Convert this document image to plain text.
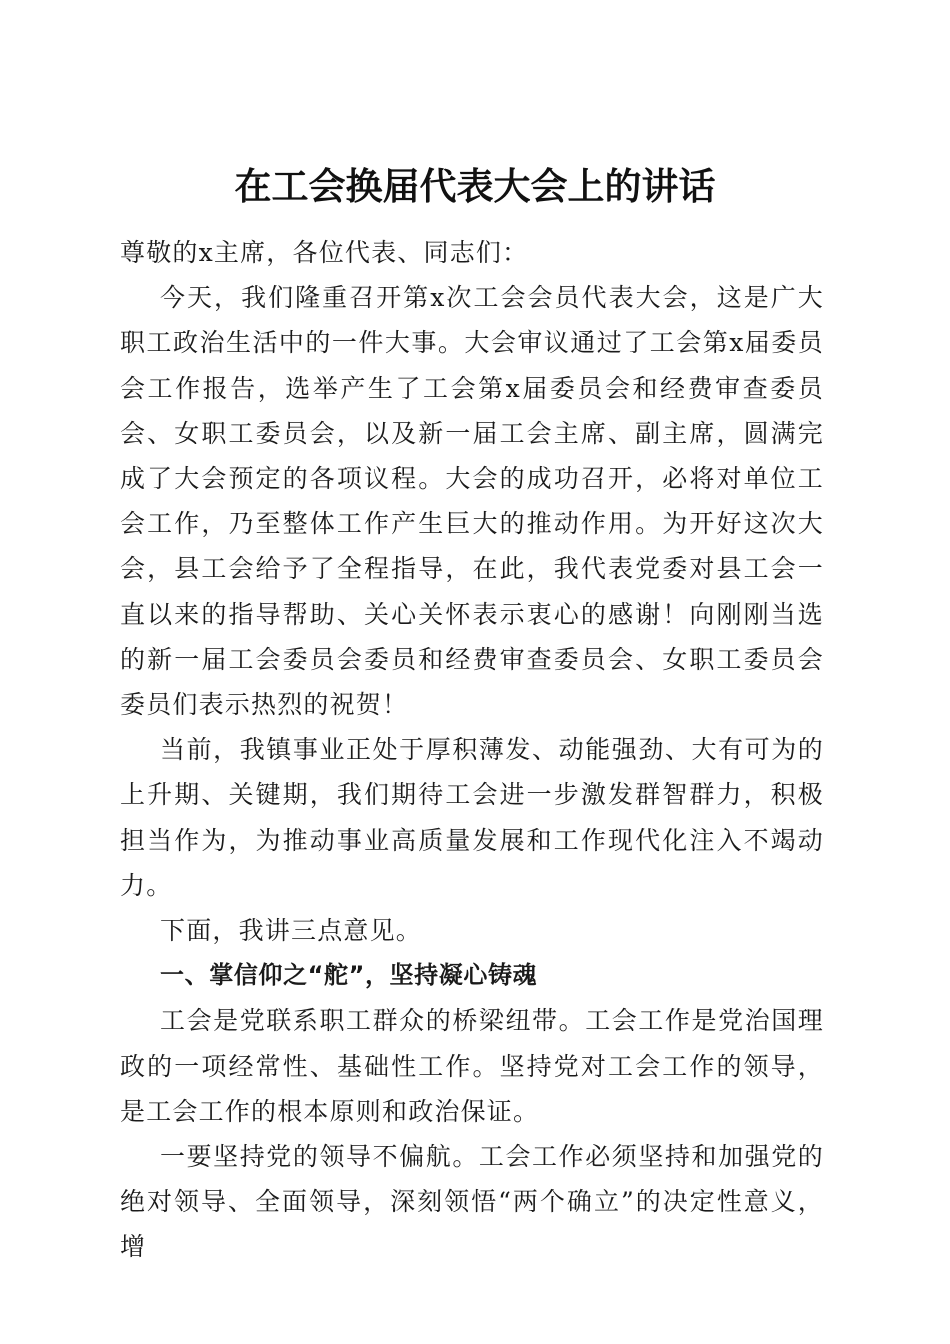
在工会换届代表大会上的讲话

尊敬的x主席，各位代表、同志们：

今天，我们隆重召开第x次工会会员代表大会，这是广大职工政治生活中的一件大事。大会审议通过了工会第x届委员会工作报告，选举产生了工会第x届委员会和经费审查委员会、女职工委员会，以及新一届工会主席、副主席，圆满完成了大会预定的各项议程。大会的成功召开，必将对单位工会工作，乃至整体工作产生巨大的推动作用。为开好这次大会，县工会给予了全程指导，在此，我代表党委对县工会一直以来的指导帮助、关心关怀表示衷心的感谢！向刚刚当选的新一届工会委员会委员和经费审查委员会、女职工委员会委员们表示热烈的祝贺！

当前，我镇事业正处于厚积薄发、动能强劲、大有可为的上升期、关键期，我们期待工会进一步激发群智群力，积极担当作为，为推动事业高质量发展和工作现代化注入不竭动力。

下面，我讲三点意见。

一、掌信仰之“舵”，坚持凝心铸魂

工会是党联系职工群众的桥梁纽带。工会工作是党治国理政的一项经常性、基础性工作。坚持党对工会工作的领导，是工会工作的根本原则和政治保证。

一要坚持党的领导不偏航。工会工作必须坚持和加强党的绝对领导、全面领导，深刻领悟“两个确立”的决定性意义，增
